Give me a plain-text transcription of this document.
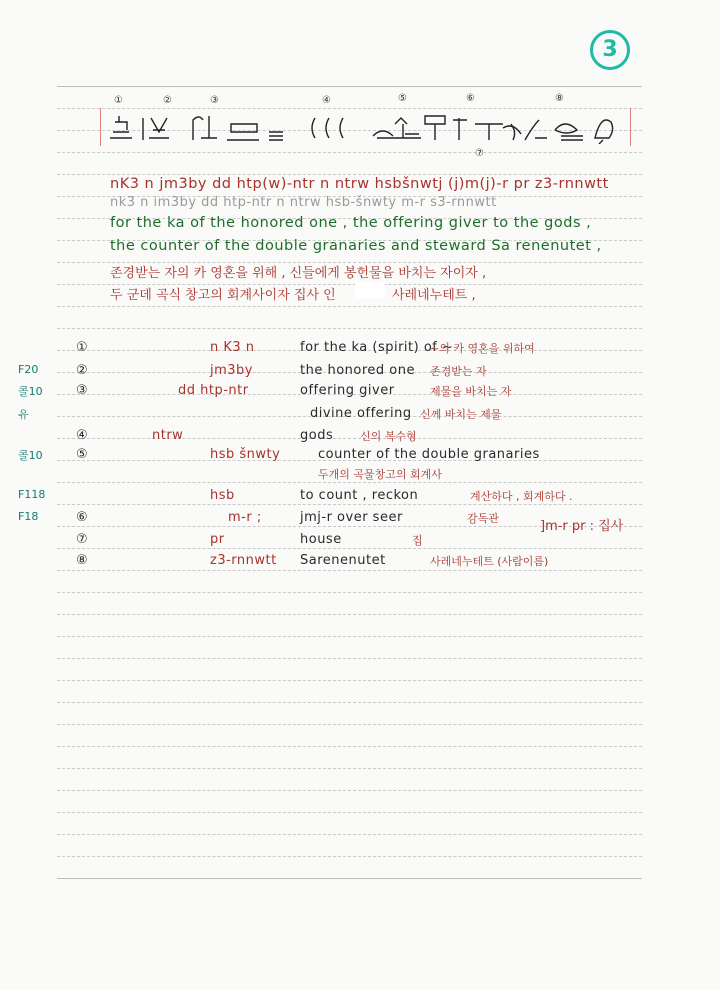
3
①	②	③	④	⑤	⑥
⑦
⑧
nK3 n jm3by dd htp(w)-ntr n ntrw hsbšnwtj (j)m(j)-r pr z3-rnnwtt
nk3 n im3by dd htp-ntr n ntrw hsb-šnwty m-r s3-rnnwtt
for the ka of the honored one , the offering giver to the gods ,
the counter of the double granaries and steward Sa renenutet ,
존경받는 자의 카 영혼을 위해 , 신들에게 봉헌물을 바치는 자이자 ,
두 군데 곡식 창고의 회계사이자 집사 인	사레네누테트 ,
①	n K3 n	for the ka (spirit) of ~
~의 카 영혼을 위하여
F20	②	jm3by	the honored one 존경받는 자
콜10	③	dd htp-ntr	offering giver	제물을 바치는 자
유	divine offering 신께 바치는 제물
④	ntrw	gods 신의 복수형
콜10	⑤	hsb šnwty	counter of the double granaries
두개의 곡물창고의 회계사
F118	hsb	to count , reckon	계산하다 , 회계하다 .
F18	⑥	m-r ;	jmj-r over seer	감독관
⑦	pr	house	집
⑧	z3-rnnwtt Sarenenutet	사레네누테트 (사람이름)
]m-r pr : 집사
